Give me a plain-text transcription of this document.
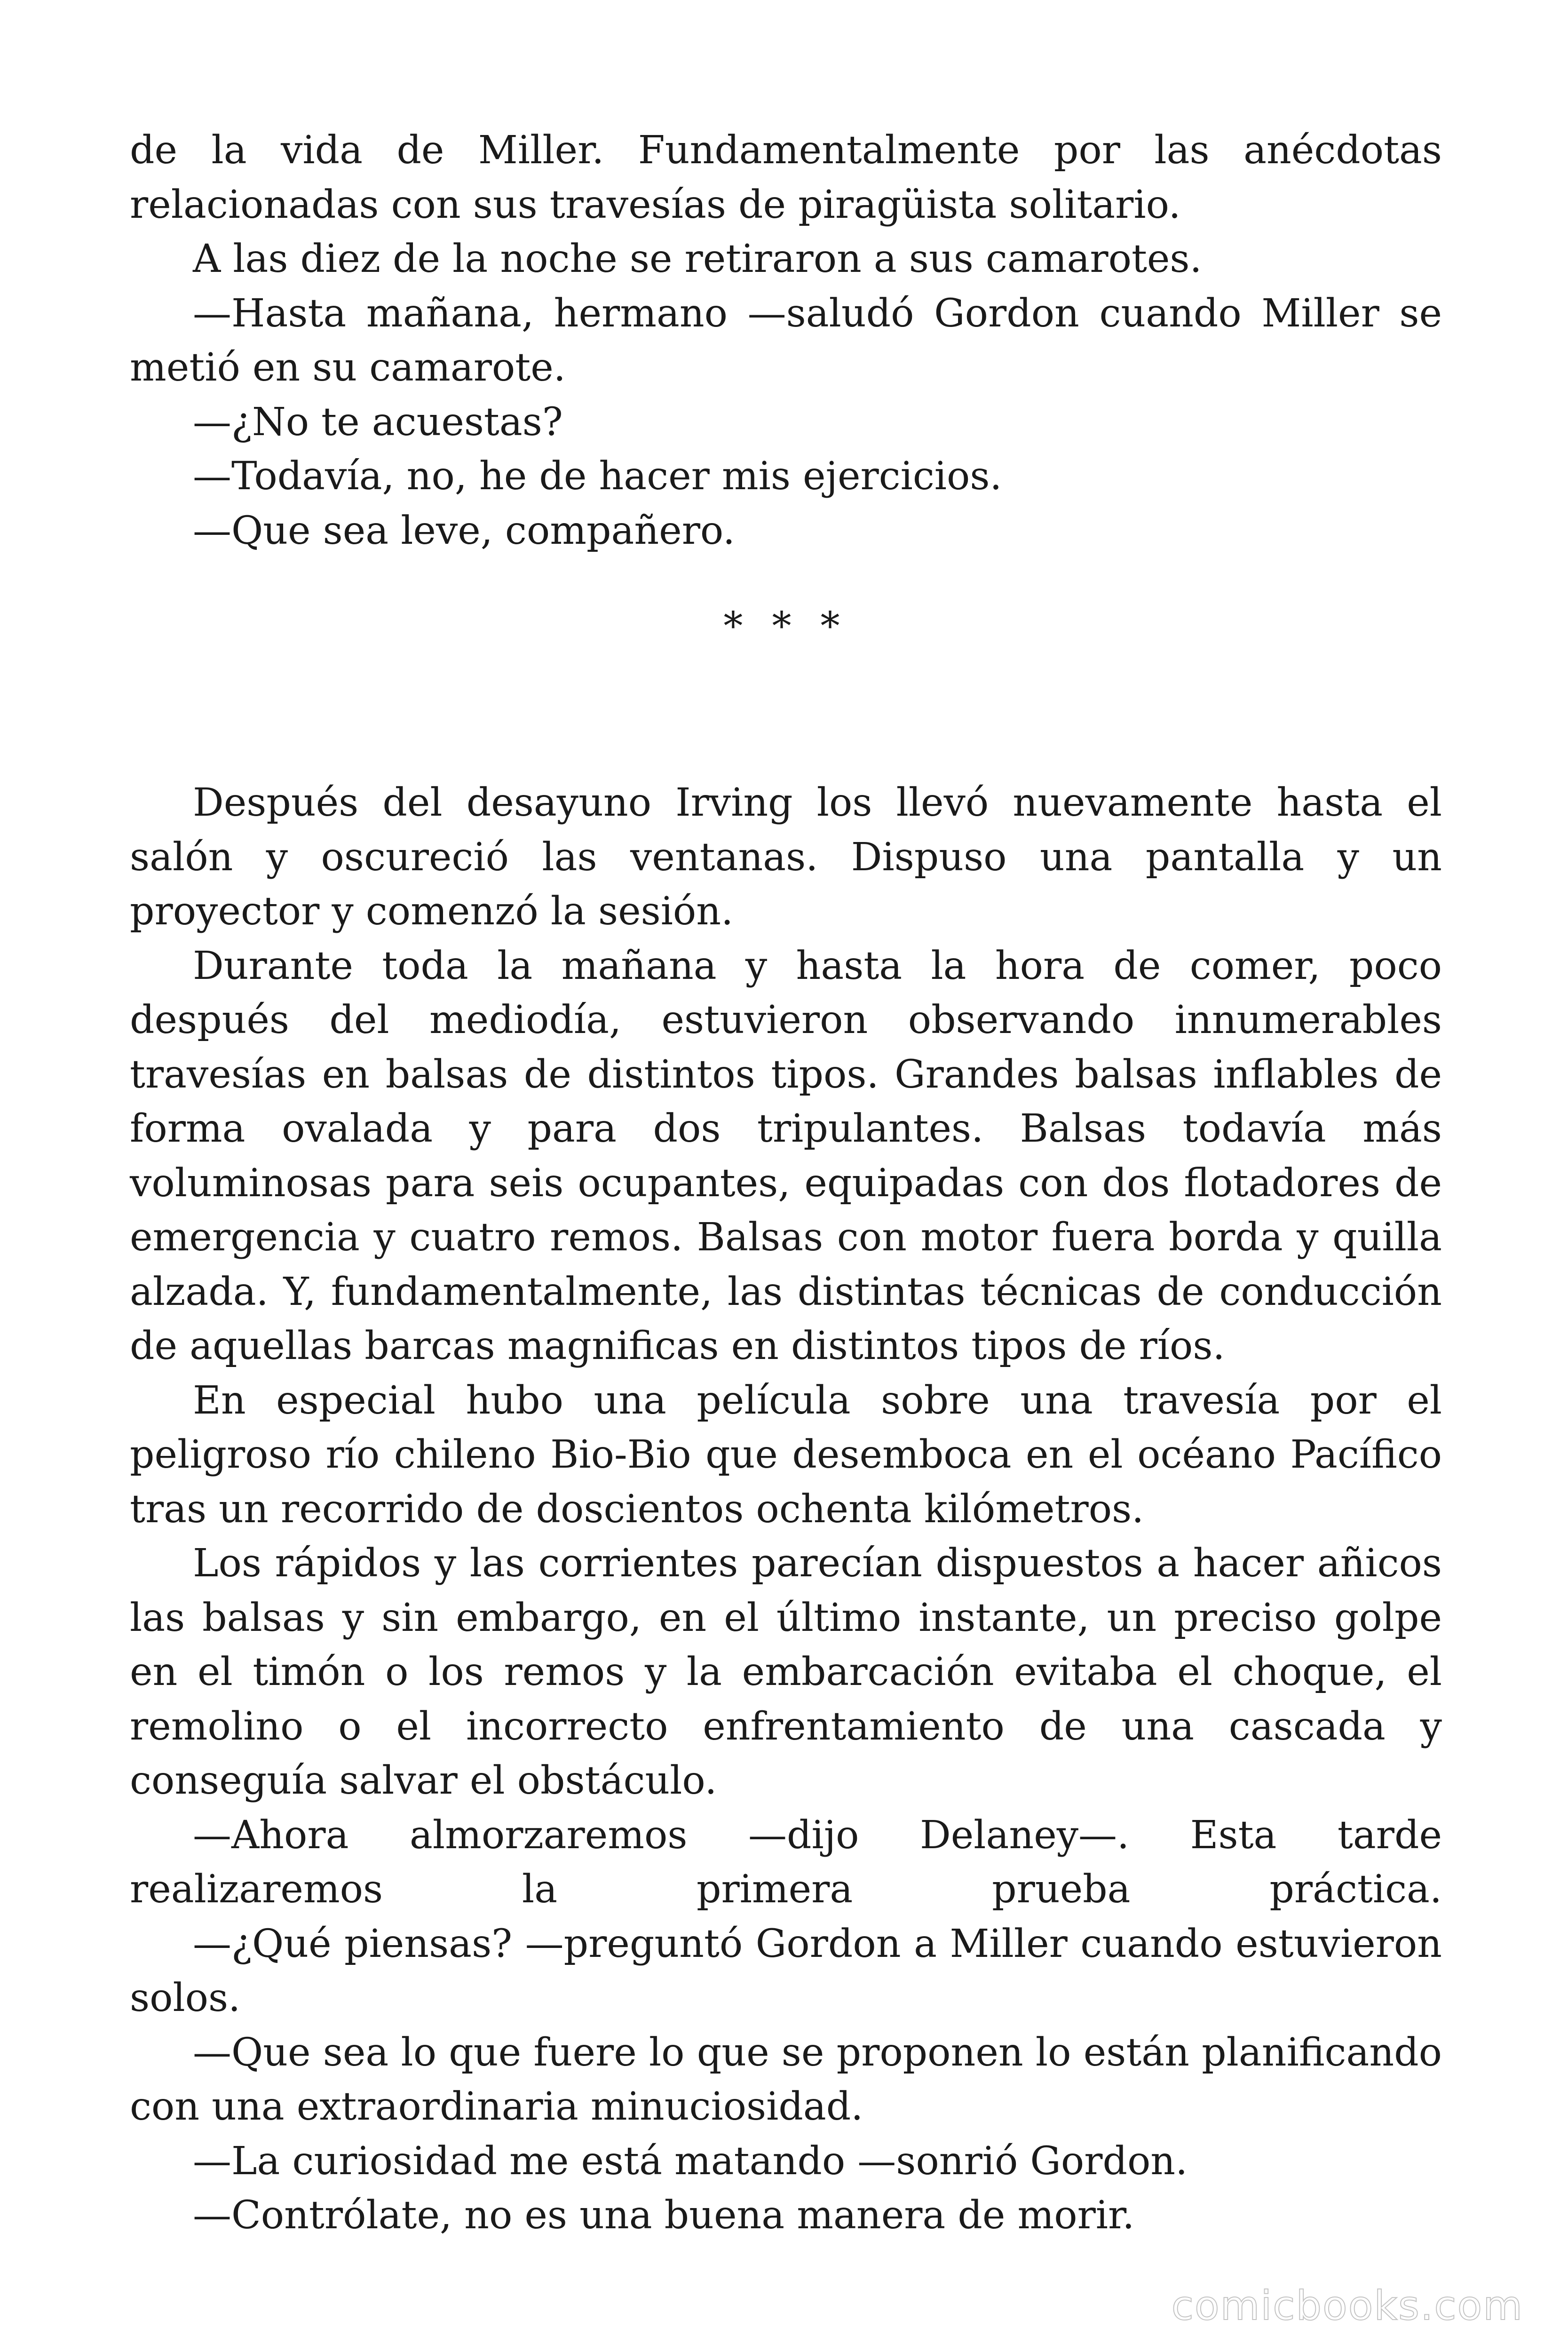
de la vida de Miller. Fundamentalmente por las anécdotas relacionadas con sus travesías de piragüista solitario.

A las diez de la noche se retiraron a sus camarotes.

—Hasta mañana, hermano —saludó Gordon cuando Miller se metió en su camarote.

—¿No te acuestas?

—Todavía, no, he de hacer mis ejercicios.

—Que sea leve, compañero.

* * *

Después del desayuno Irving los llevó nuevamente hasta el salón y oscureció las ventanas. Dispuso una pantalla y un proyector y comenzó la sesión.

Durante toda la mañana y hasta la hora de comer, poco después del mediodía, estuvieron observando innumerables travesías en balsas de distintos tipos. Grandes balsas inflables de forma ovalada y para dos tripulantes. Balsas todavía más voluminosas para seis ocupantes, equipadas con dos flotadores de emergencia y cuatro remos. Balsas con motor fuera borda y quilla alzada. Y, fundamentalmente, las distintas técnicas de conducción de aquellas barcas magnificas en distintos tipos de ríos.

En especial hubo una película sobre una travesía por el peligroso río chileno Bio-Bio que desemboca en el océano Pacífico tras un recorrido de doscientos ochenta kilómetros.

Los rápidos y las corrientes parecían dispuestos a hacer añicos las balsas y sin embargo, en el último instante, un preciso golpe en el timón o los remos y la embarcación evitaba el choque, el remolino o el incorrecto enfrentamiento de una cascada y conseguía salvar el obstáculo.

—Ahora almorzaremos —dijo Delaney—. Esta tarde realizaremos la primera prueba práctica.

—¿Qué piensas? —preguntó Gordon a Miller cuando estuvieron solos.

—Que sea lo que fuere lo que se proponen lo están planificando con una extraordinaria minuciosidad.

—La curiosidad me está matando —sonrió Gordon.

—Contrólate, no es una buena manera de morir.

comicbooks.com
